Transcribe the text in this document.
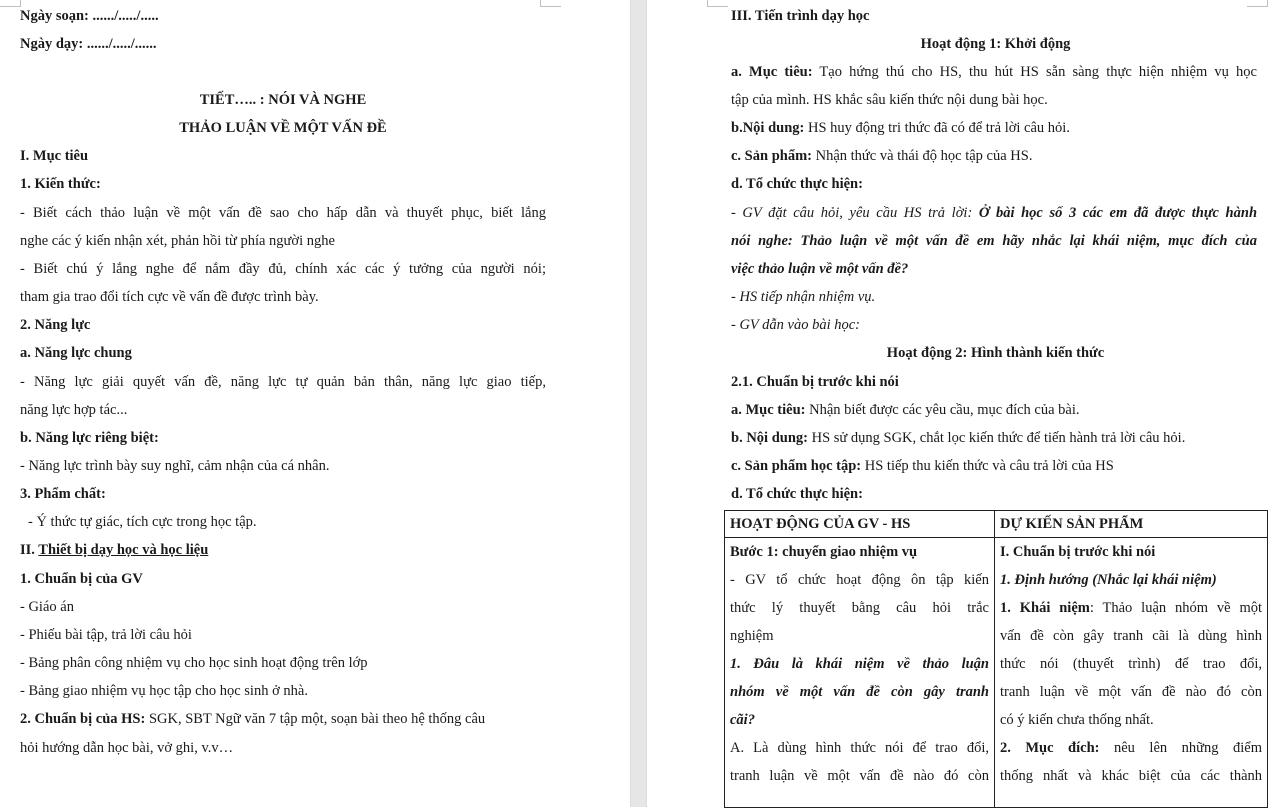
Ngày soạn: ....../...../.....
Ngày dạy: ....../...../......
TIẾT….. : NÓI VÀ NGHE
THẢO LUẬN VỀ MỘT VẤN ĐỀ
I. Mục tiêu
1. Kiến thức:
- Biết cách thảo luận về một vấn đề sao cho hấp dẫn và thuyết phục, biết lắng
nghe các ý kiến nhận xét, phản hồi từ phía người nghe
- Biết chú ý lắng nghe để nắm đầy đủ, chính xác các ý tưởng của người nói;
tham gia trao đổi tích cực về vấn đề được trình bày.
2. Năng lực
a. Năng lực chung
- Năng lực giải quyết vấn đề, năng lực tự quản bản thân, năng lực giao tiếp,
năng lực hợp tác...
b. Năng lực riêng biệt:
- Năng lực trình bày suy nghĩ, cảm nhận của cá nhân.
3. Phẩm chất:
- Ý thức tự giác, tích cực trong học tập.
II. Thiết bị dạy học và học liệu
1. Chuẩn bị của GV
- Giáo án
- Phiếu bài tập, trả lời câu hỏi
- Bảng phân công nhiệm vụ cho học sinh hoạt động trên lớp
- Bảng giao nhiệm vụ học tập cho học sinh ở nhà.
2. Chuẩn bị của HS: SGK, SBT Ngữ văn 7 tập một, soạn bài theo hệ thống câu
hỏi hướng dẫn học bài, vở ghi, v.v…
III. Tiến trình dạy học
Hoạt động 1: Khởi động
a. Mục tiêu: Tạo hứng thú cho HS, thu hút HS sẵn sàng thực hiện nhiệm vụ học
tập của mình. HS khắc sâu kiến thức nội dung bài học.
b.Nội dung: HS huy động tri thức đã có để trả lời câu hỏi.
c. Sản phẩm: Nhận thức và thái độ học tập của HS.
d. Tổ chức thực hiện:
- GV đặt câu hỏi, yêu cầu HS trả lời: Ở bài học số 3 các em đã được thực hành
nói nghe: Thảo luận về một vấn đề em hãy nhắc lại khái niệm, mục đích của
việc thảo luận về một vấn đề?
- HS tiếp nhận nhiệm vụ.
- GV dẫn vào bài học:
Hoạt động 2: Hình thành kiến thức
2.1. Chuẩn bị trước khi nói
a. Mục tiêu: Nhận biết được các yêu cầu, mục đích của bài.
b. Nội dung: HS sử dụng SGK, chắt lọc kiến thức để tiến hành trả lời câu hỏi.
c. Sản phẩm học tập: HS tiếp thu kiến thức và câu trả lời của HS
d. Tổ chức thực hiện:
HOẠT ĐỘNG CỦA GV - HS	DỰ KIẾN SẢN PHẨM

Bước 1: chuyển giao nhiệm vụ
- GV tổ chức hoạt động ôn tập kiến
thức lý thuyết bằng câu hỏi trắc
nghiệm
1. Đâu là khái niệm về thảo luận
nhóm về một vấn đề còn gây tranh
cãi?
A. Là dùng hình thức nói để trao đổi,
tranh luận về một vấn đề nào đó còn

I. Chuẩn bị trước khi nói
1. Định hướng (Nhắc lại khái niệm)
1. Khái niệm: Thảo luận nhóm về một
vấn đề còn gây tranh cãi là dùng hình
thức nói (thuyết trình) để trao đổi,
tranh luận về một vấn đề nào đó còn
có ý kiến chưa thống nhất.
2. Mục đích: nêu lên những điểm
thống nhất và khác biệt của các thành
